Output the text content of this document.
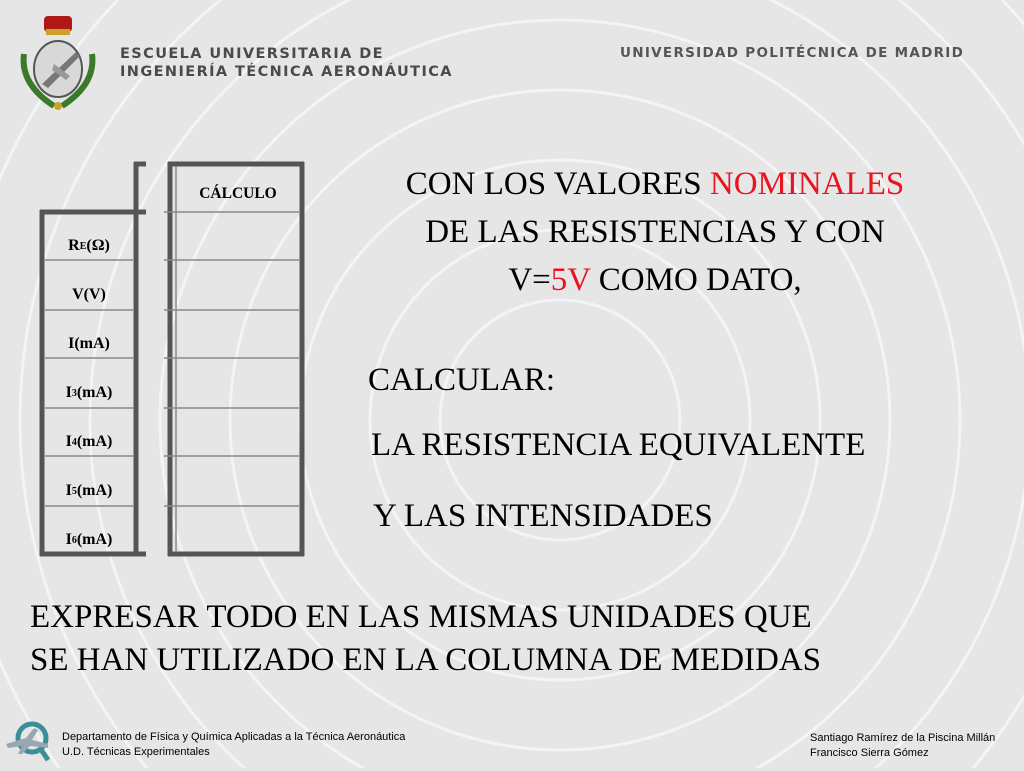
ESCUELA UNIVERSITARIA DE
INGENIERÍA TÉCNICA AERONÁUTICA
UNIVERSIDAD POLITÉCNICA DE MADRID
CÁLCULO
R E (Ω)
V (V)
I (mA)
I 3 (mA)
I 4 (mA)
I 5 (mA)
I 6 (mA)
CON LOS VALORES NOMINALES
DE LAS RESISTENCIAS Y CON
V=5V COMO DATO,
CALCULAR:
LA RESISTENCIA EQUIVALENTE
Y LAS INTENSIDADES
EXPRESAR TODO EN LAS MISMAS UNIDADES QUE
SE HAN UTILIZADO EN LA COLUMNA DE MEDIDAS
Departamento de Física y Química Aplicadas a la Técnica Aeronáutica
U.D. Técnicas Experimentales
Santiago Ramírez de la Piscina Millán
Francisco Sierra Gómez
